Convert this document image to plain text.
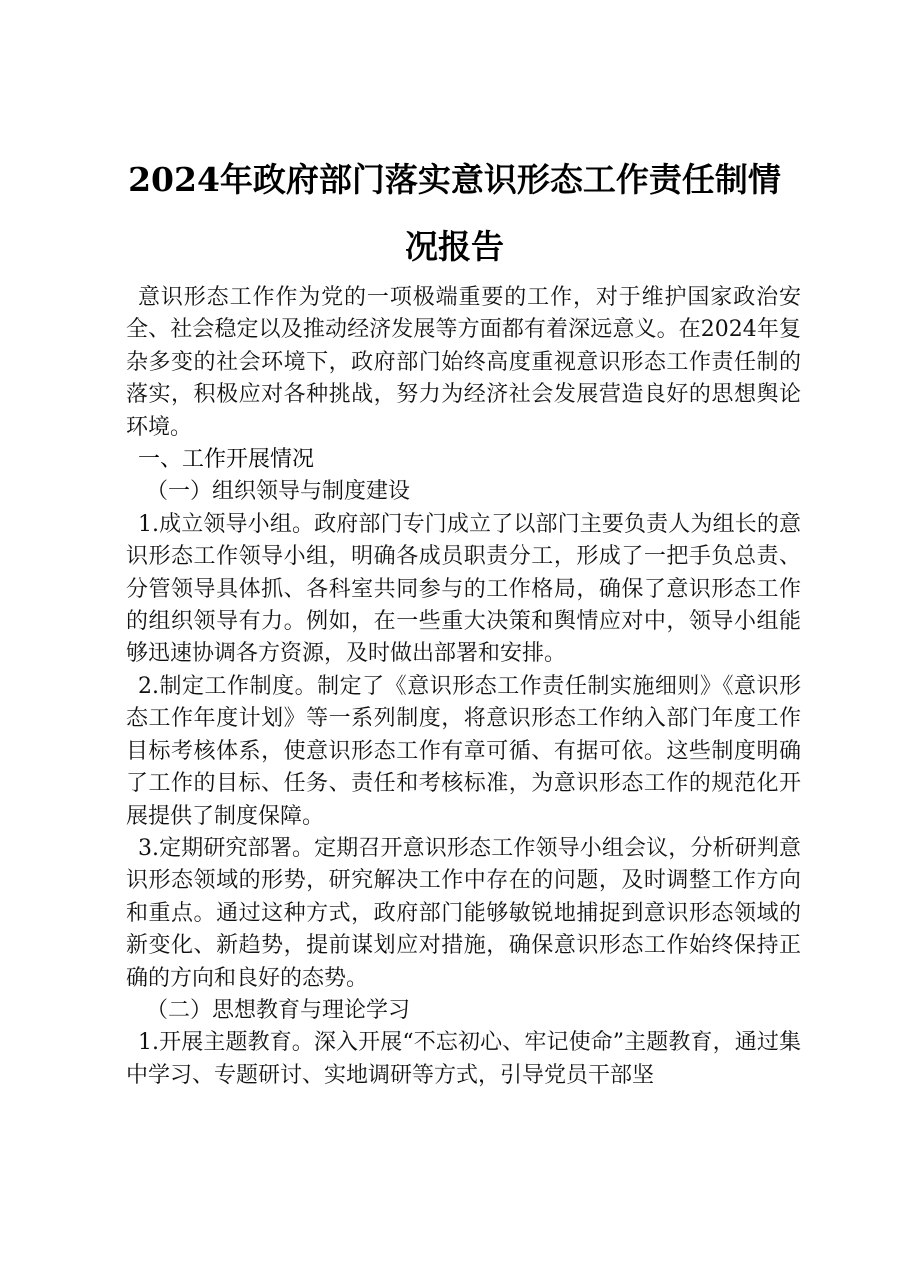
2024年政府部门落实意识形态工作责任制情
况报告

意识形态工作作为党的一项极端重要的工作，对于维护国家政治安全、社会稳定以及推动经济发展等方面都有着深远意义。在2024年复杂多变的社会环境下，政府部门始终高度重视意识形态工作责任制的落实，积极应对各种挑战，努力为经济社会发展营造良好的思想舆论环境。

一、工作开展情况

（一）组织领导与制度建设

1.成立领导小组。政府部门专门成立了以部门主要负责人为组长的意识形态工作领导小组，明确各成员职责分工，形成了一把手负总责、分管领导具体抓、各科室共同参与的工作格局，确保了意识形态工作的组织领导有力。例如，在一些重大决策和舆情应对中，领导小组能够迅速协调各方资源，及时做出部署和安排。

2.制定工作制度。制定了《意识形态工作责任制实施细则》《意识形态工作年度计划》等一系列制度，将意识形态工作纳入部门年度工作目标考核体系，使意识形态工作有章可循、有据可依。这些制度明确了工作的目标、任务、责任和考核标准，为意识形态工作的规范化开展提供了制度保障。

3.定期研究部署。定期召开意识形态工作领导小组会议，分析研判意识形态领域的形势，研究解决工作中存在的问题，及时调整工作方向和重点。通过这种方式，政府部门能够敏锐地捕捉到意识形态领域的新变化、新趋势，提前谋划应对措施，确保意识形态工作始终保持正确的方向和良好的态势。

（二）思想教育与理论学习

1.开展主题教育。深入开展“不忘初心、牢记使命”主题教育，通过集中学习、专题研讨、实地调研等方式，引导党员干部坚
